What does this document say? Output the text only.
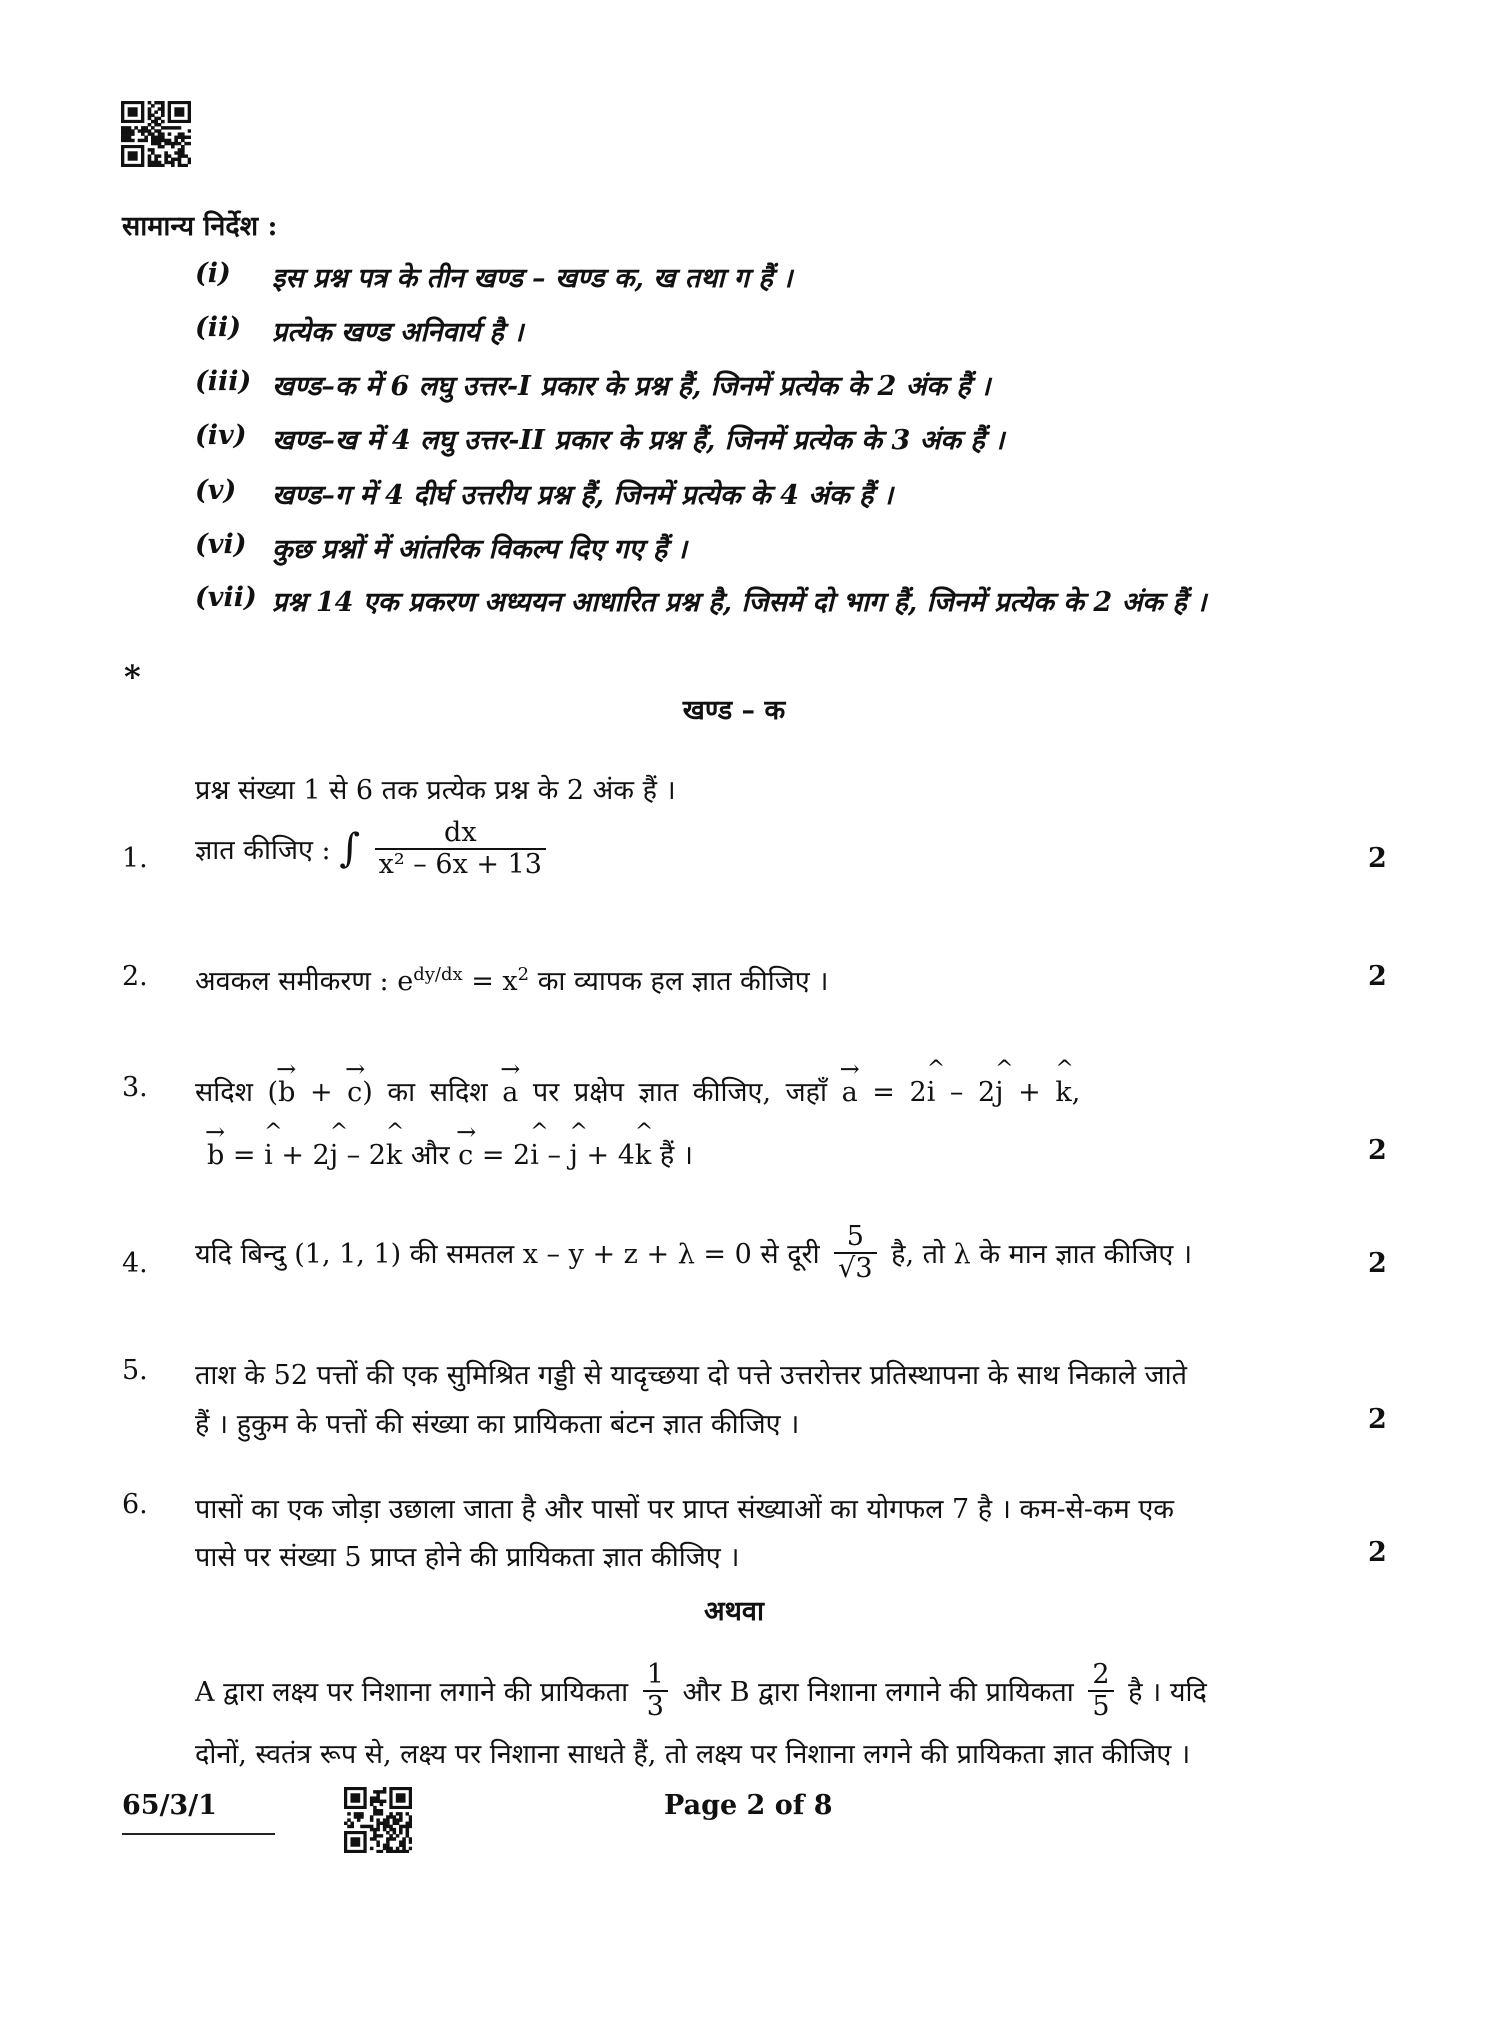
सामान्य निर्देश :
(i) इस प्रश्न पत्र के तीन खण्ड – खण्ड क, ख तथा ग हैं ।
(ii) प्रत्येक खण्ड अनिवार्य है ।
(iii) खण्ड–क में 6 लघु उत्तर-I प्रकार के प्रश्न हैं, जिनमें प्रत्येक के 2 अंक हैं ।
(iv) खण्ड–ख में 4 लघु उत्तर-II प्रकार के प्रश्न हैं, जिनमें प्रत्येक के 3 अंक हैं ।
(v) खण्ड–ग में 4 दीर्घ उत्तरीय प्रश्न हैं, जिनमें प्रत्येक के 4 अंक हैं ।
(vi) कुछ प्रश्नों में आंतरिक विकल्प दिए गए हैं ।
(vii) प्रश्न 14 एक प्रकरण अध्ययन आधारित प्रश्न है, जिसमें दो भाग हैं, जिनमें प्रत्येक के 2 अंक हैं ।
*
खण्ड – क
प्रश्न संख्या 1 से 6 तक प्रत्येक प्रश्न के 2 अंक हैं ।
1. ज्ञात कीजिए : ∫ $\frac{dx}{\text{x² – 6x + 13}}$	2
2. अवकल समीकरण : $e^{dy/dx} = x^2$ का व्यापक हल ज्ञात कीजिए ।	2
3. सदिश (→ b + → c) का सदिश → a पर प्रक्षेप ज्ञात कीजिए, जहाँ → a = 2^ i – 2^ j + ^ k,
→ b = ^ i + 2^ j – 2^ k और → c = 2^ i – ^ j + 4^ k हैं ।	2
4. यदि बिन्दु (1, 1, 1) की समतल x – y + z + λ = 0 से दूरी $\frac{5}{√3}$ है, तो λ के मान ज्ञात कीजिए ।	2
5. ताश के 52 पत्तों की एक सुमिश्रित गड्डी से यादृच्छया दो पत्ते उत्तरोत्तर प्रतिस्थापना के साथ निकाले जाते
हैं । हुकुम के पत्तों की संख्या का प्रायिकता बंटन ज्ञात कीजिए ।	2
6. पासों का एक जोड़ा उछाला जाता है और पासों पर प्राप्त संख्याओं का योगफल 7 है । कम-से-कम एक
पासे पर संख्या 5 प्राप्त होने की प्रायिकता ज्ञात कीजिए ।	2
अथवा
A द्वारा लक्ष्य पर निशाना लगाने की प्रायिकता $\frac{1}{3}$ और B द्वारा निशाना लगाने की प्रायिकता $\frac{2}{5}$ है । यदि
दोनों, स्वतंत्र रूप से, लक्ष्य पर निशाना साधते हैं, तो लक्ष्य पर निशाना लगने की प्रायिकता ज्ञात कीजिए ।
65/3/1	Page 2 of 8
